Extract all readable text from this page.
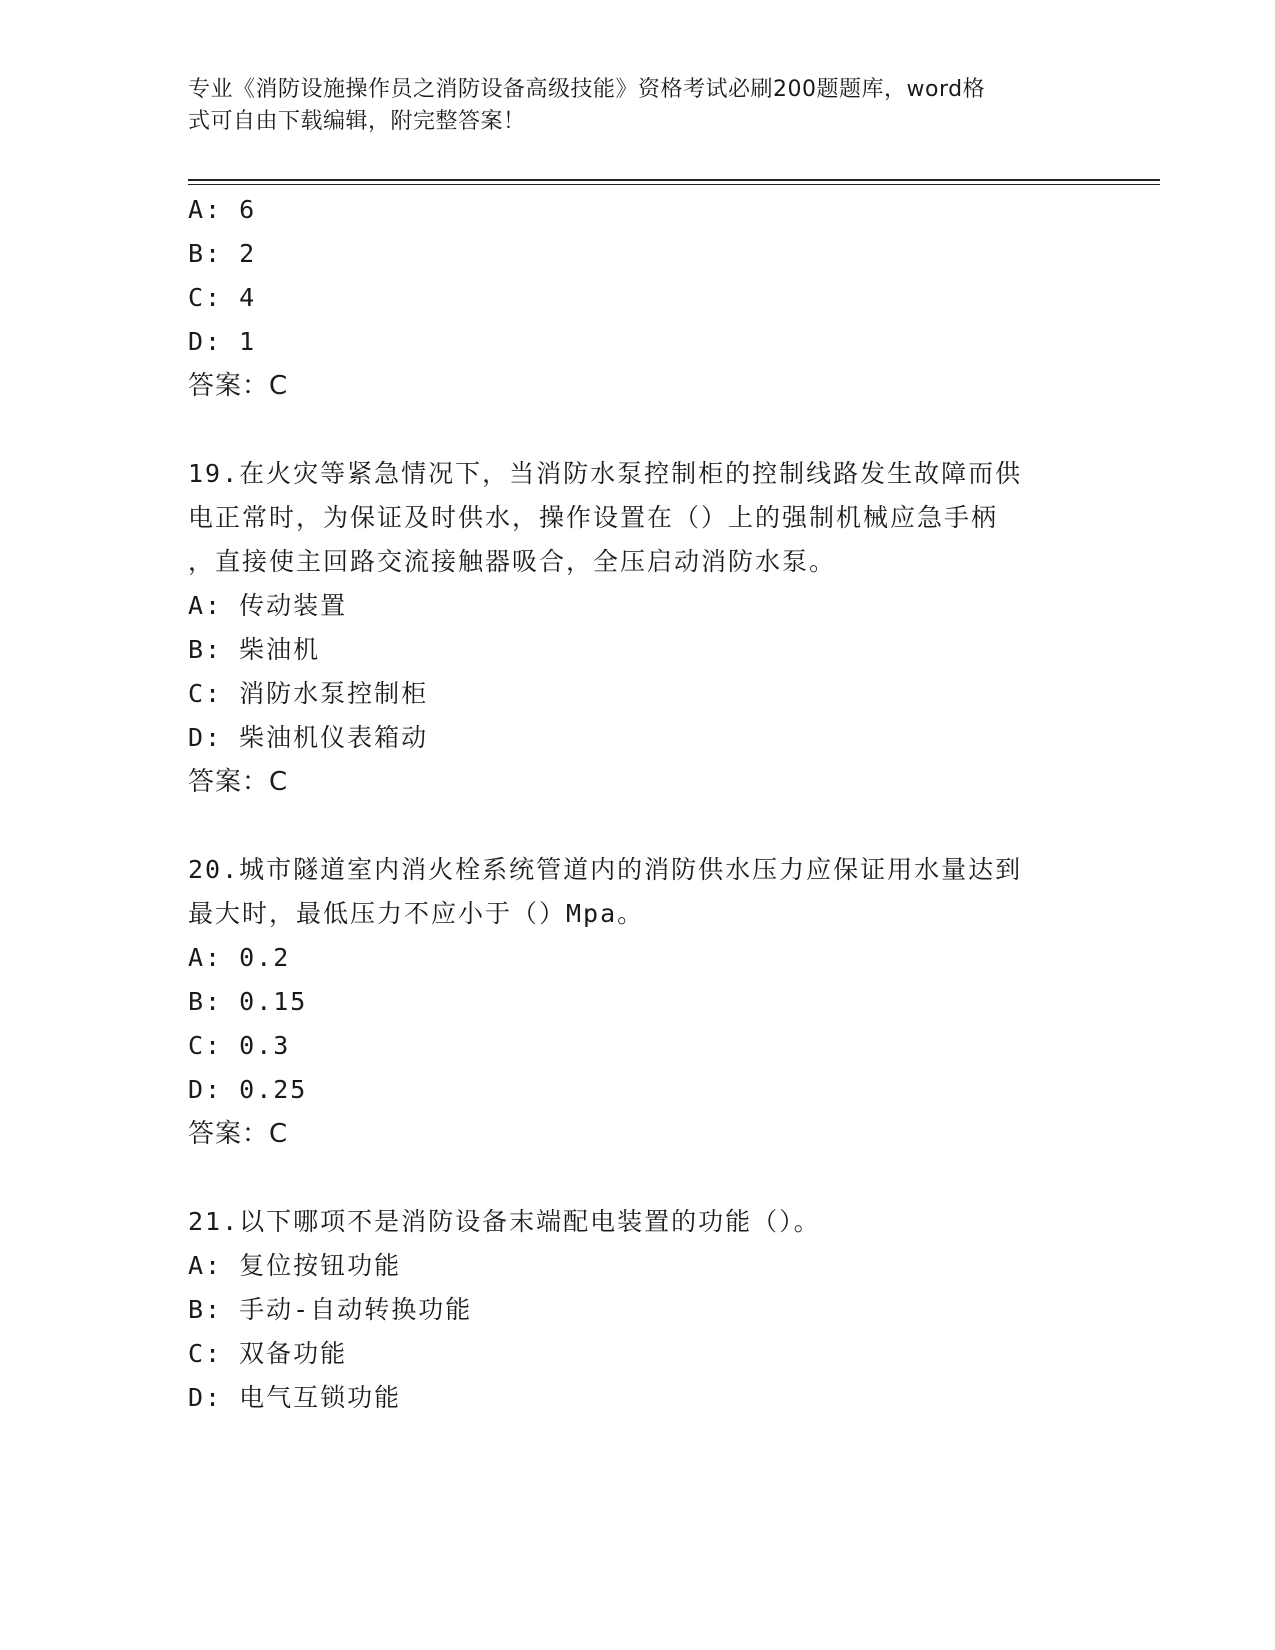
专业《消防设施操作员之消防设备高级技能》资格考试必刷200题题库，word格
式可自由下载编辑，附完整答案！
A: 6
B: 2
C: 4
D: 1
答案：C
19.在火灾等紧急情况下，当消防水泵控制柜的控制线路发生故障而供
电正常时，为保证及时供水，操作设置在（）上的强制机械应急手柄
，直接使主回路交流接触器吸合，全压启动消防水泵。
A: 传动装置
B: 柴油机
C: 消防水泵控制柜
D: 柴油机仪表箱动
答案：C
20.城市隧道室内消火栓系统管道内的消防供水压力应保证用水量达到
最大时，最低压力不应小于（）Mpa。
A: 0.2
B: 0.15
C: 0.3
D: 0.25
答案：C
21.以下哪项不是消防设备末端配电装置的功能（）。
A: 复位按钮功能
B: 手动-自动转换功能
C: 双备功能
D: 电气互锁功能
